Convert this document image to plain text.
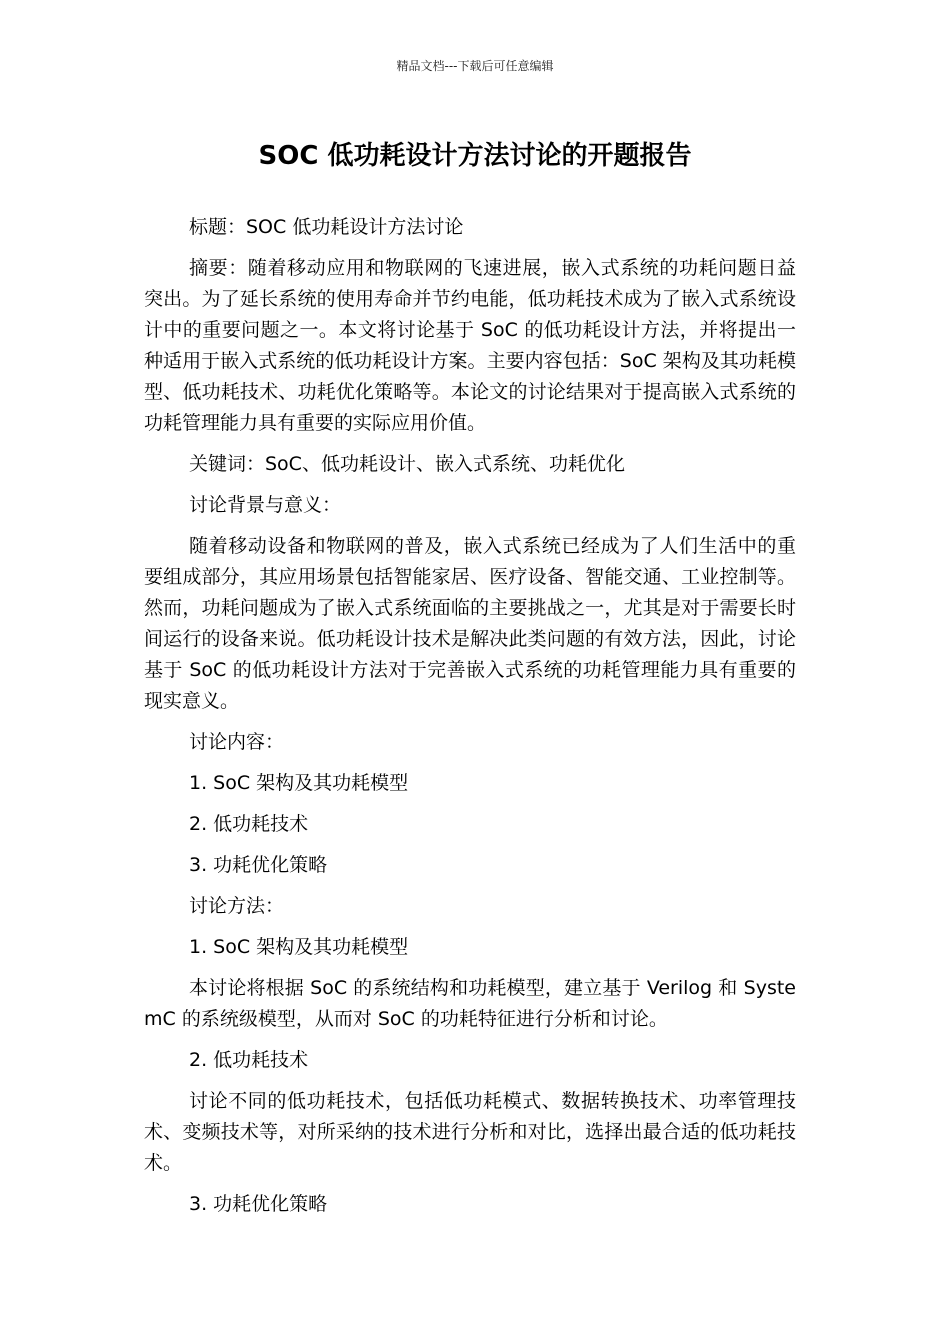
精品文档---下载后可任意编辑
SOC 低功耗设计方法讨论的开题报告

标题：SOC 低功耗设计方法讨论

摘要：随着移动应用和物联网的飞速进展，嵌入式系统的功耗问题日益突出。为了延长系统的使用寿命并节约电能，低功耗技术成为了嵌入式系统设计中的重要问题之一。本文将讨论基于 SoC 的低功耗设计方法，并将提出一种适用于嵌入式系统的低功耗设计方案。主要内容包括：SoC 架构及其功耗模型、低功耗技术、功耗优化策略等。本论文的讨论结果对于提高嵌入式系统的功耗管理能力具有重要的实际应用价值。

关键词：SoC、低功耗设计、嵌入式系统、功耗优化

讨论背景与意义：

随着移动设备和物联网的普及，嵌入式系统已经成为了人们生活中的重要组成部分，其应用场景包括智能家居、医疗设备、智能交通、工业控制等。然而，功耗问题成为了嵌入式系统面临的主要挑战之一，尤其是对于需要长时间运行的设备来说。低功耗设计技术是解决此类问题的有效方法，因此，讨论基于 SoC 的低功耗设计方法对于完善嵌入式系统的功耗管理能力具有重要的现实意义。

讨论内容：

1. SoC 架构及其功耗模型

2. 低功耗技术

3. 功耗优化策略

讨论方法：

1. SoC 架构及其功耗模型

本讨论将根据 SoC 的系统结构和功耗模型，建立基于 Verilog 和 SystemC 的系统级模型，从而对 SoC 的功耗特征进行分析和讨论。

2. 低功耗技术

讨论不同的低功耗技术，包括低功耗模式、数据转换技术、功率管理技术、变频技术等，对所采纳的技术进行分析和对比，选择出最合适的低功耗技术。

3. 功耗优化策略
